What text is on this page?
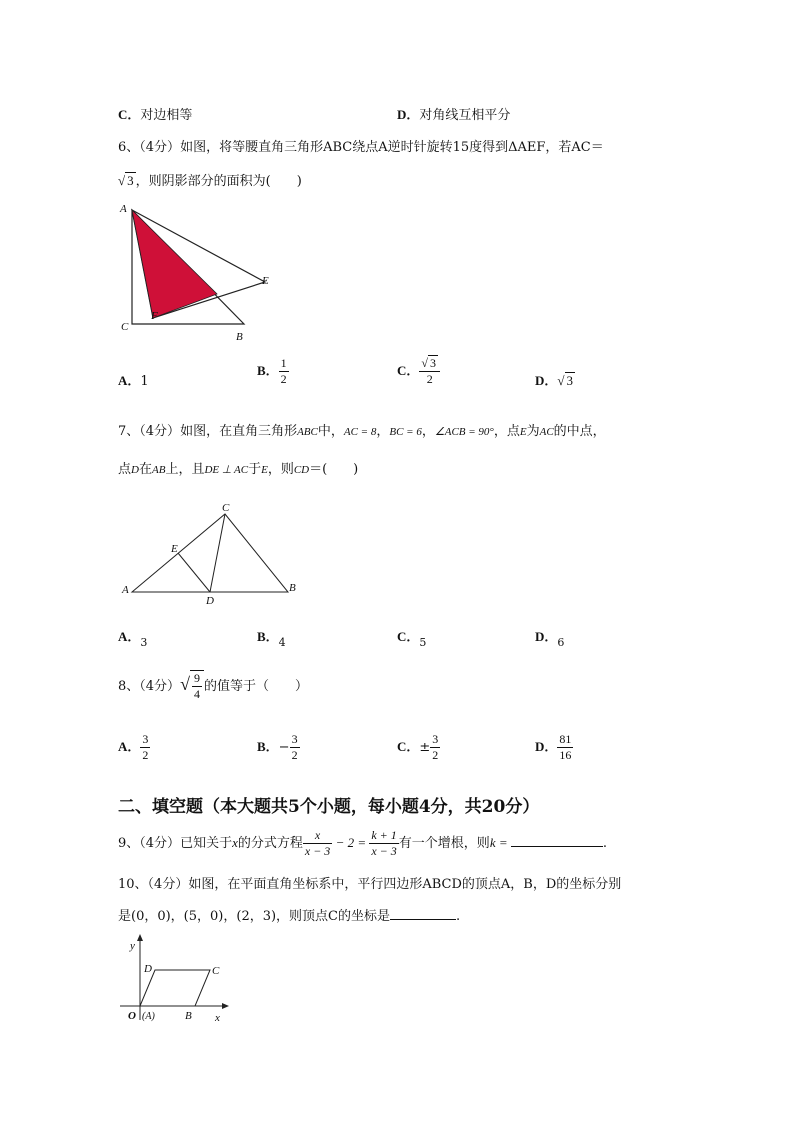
C．对边相等	D．对角线互相平分
6、（4分）如图，将等腰直角三角形ABC绕点A逆时针旋转15度得到ΔAEF，若AC＝
√ 3 ，则阴影部分的面积为(　　)
A
E
F
C
B
A．1
B． $\frac{1}{2}$	C． $\frac{√ 3}{2}$	D．√ 3
7、（4分）如图，在直角三角形ABC中，AC = 8，BC = 6，∠ACB = 90°，点E为AC的中点，
点D在AB上，且DE ⊥ AC于E，则CD＝(　　)
A	B
C
D
E
A．$_3$	B．$_4$	C．$_5$	D．$_6$
8、（4分）√ $\frac{9}{4}$ 的值等于（　　）
A． $\frac{3}{2}$	B．− $\frac{3}{2}$	C．± $\frac{3}{2}$	D． $\frac{81}{16}$
二、填空题（本大题共5个小题，每小题4分，共20分）
9、（4分）已知关于x的分式方程 $\frac{x}{x - 3} - 2 = \frac{k + 1}{x - 3}$ 有一个增根，则k =	.
10、（4分）如图，在平面直角坐标系中，平行四边形ABCD的顶点A，B，D的坐标分别
是(0，0)，(5，0)，(2，3)，则顶点C的坐标是	.
y
x
O (A)	B
C
D
